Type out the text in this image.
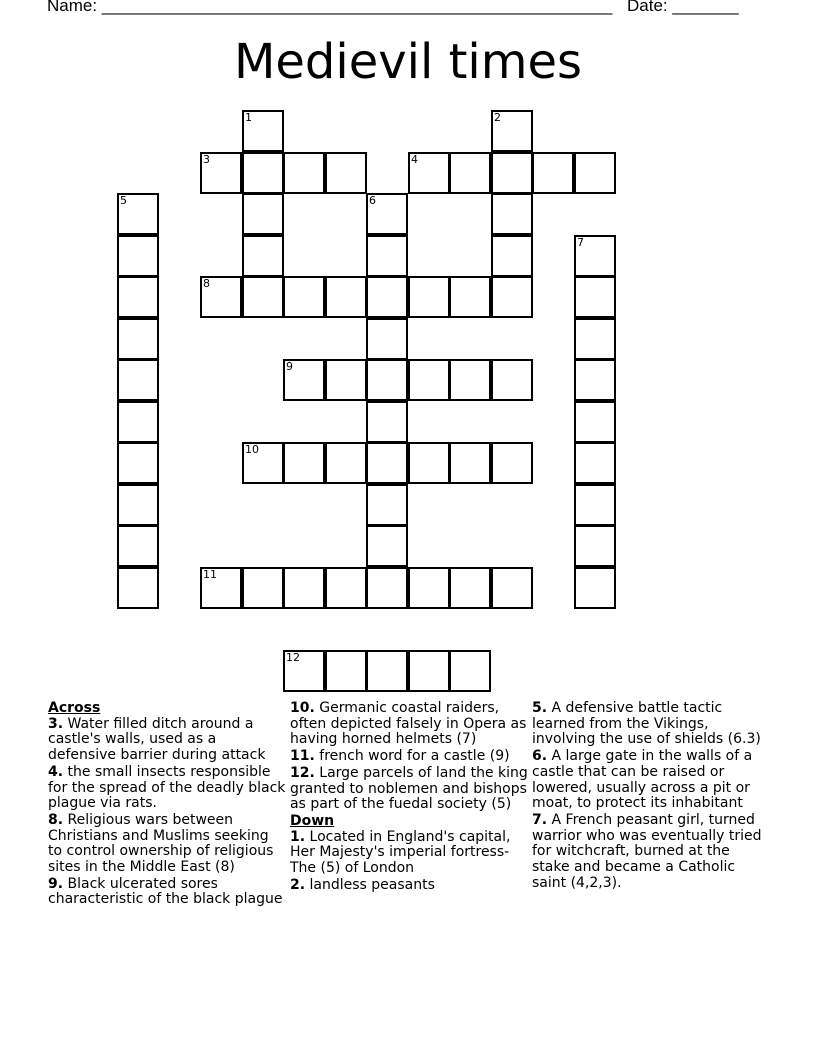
Name: ______________________________________________________ Date: _______
Medievil times
1	2
3	4
5	6
7
8
9
10
11
12
Across
3. Water filled ditch around a castle's walls, used as a defensive barrier during attack
4. the small insects responsible for the spread of the deadly black plague via rats.
8. Religious wars between Christians and Muslims seeking to control ownership of religious sites in the Middle East (8)
9. Black ulcerated sores characteristic of the black plague
10. Germanic coastal raiders, often depicted falsely in Opera as having horned helmets (7)
11. french word for a castle (9)
12. Large parcels of land the king granted to noblemen and bishops as part of the fuedal society (5)
Down
1. Located in England's capital, Her Majesty's imperial fortress- The (5) of London
2. landless peasants
5. A defensive battle tactic learned from the Vikings, involving the use of shields (6.3)
6. A large gate in the walls of a castle that can be raised or lowered, usually across a pit or moat, to protect its inhabitant
7. A French peasant girl, turned warrior who was eventually tried for witchcraft, burned at the stake and became a Catholic saint (4,2,3).
